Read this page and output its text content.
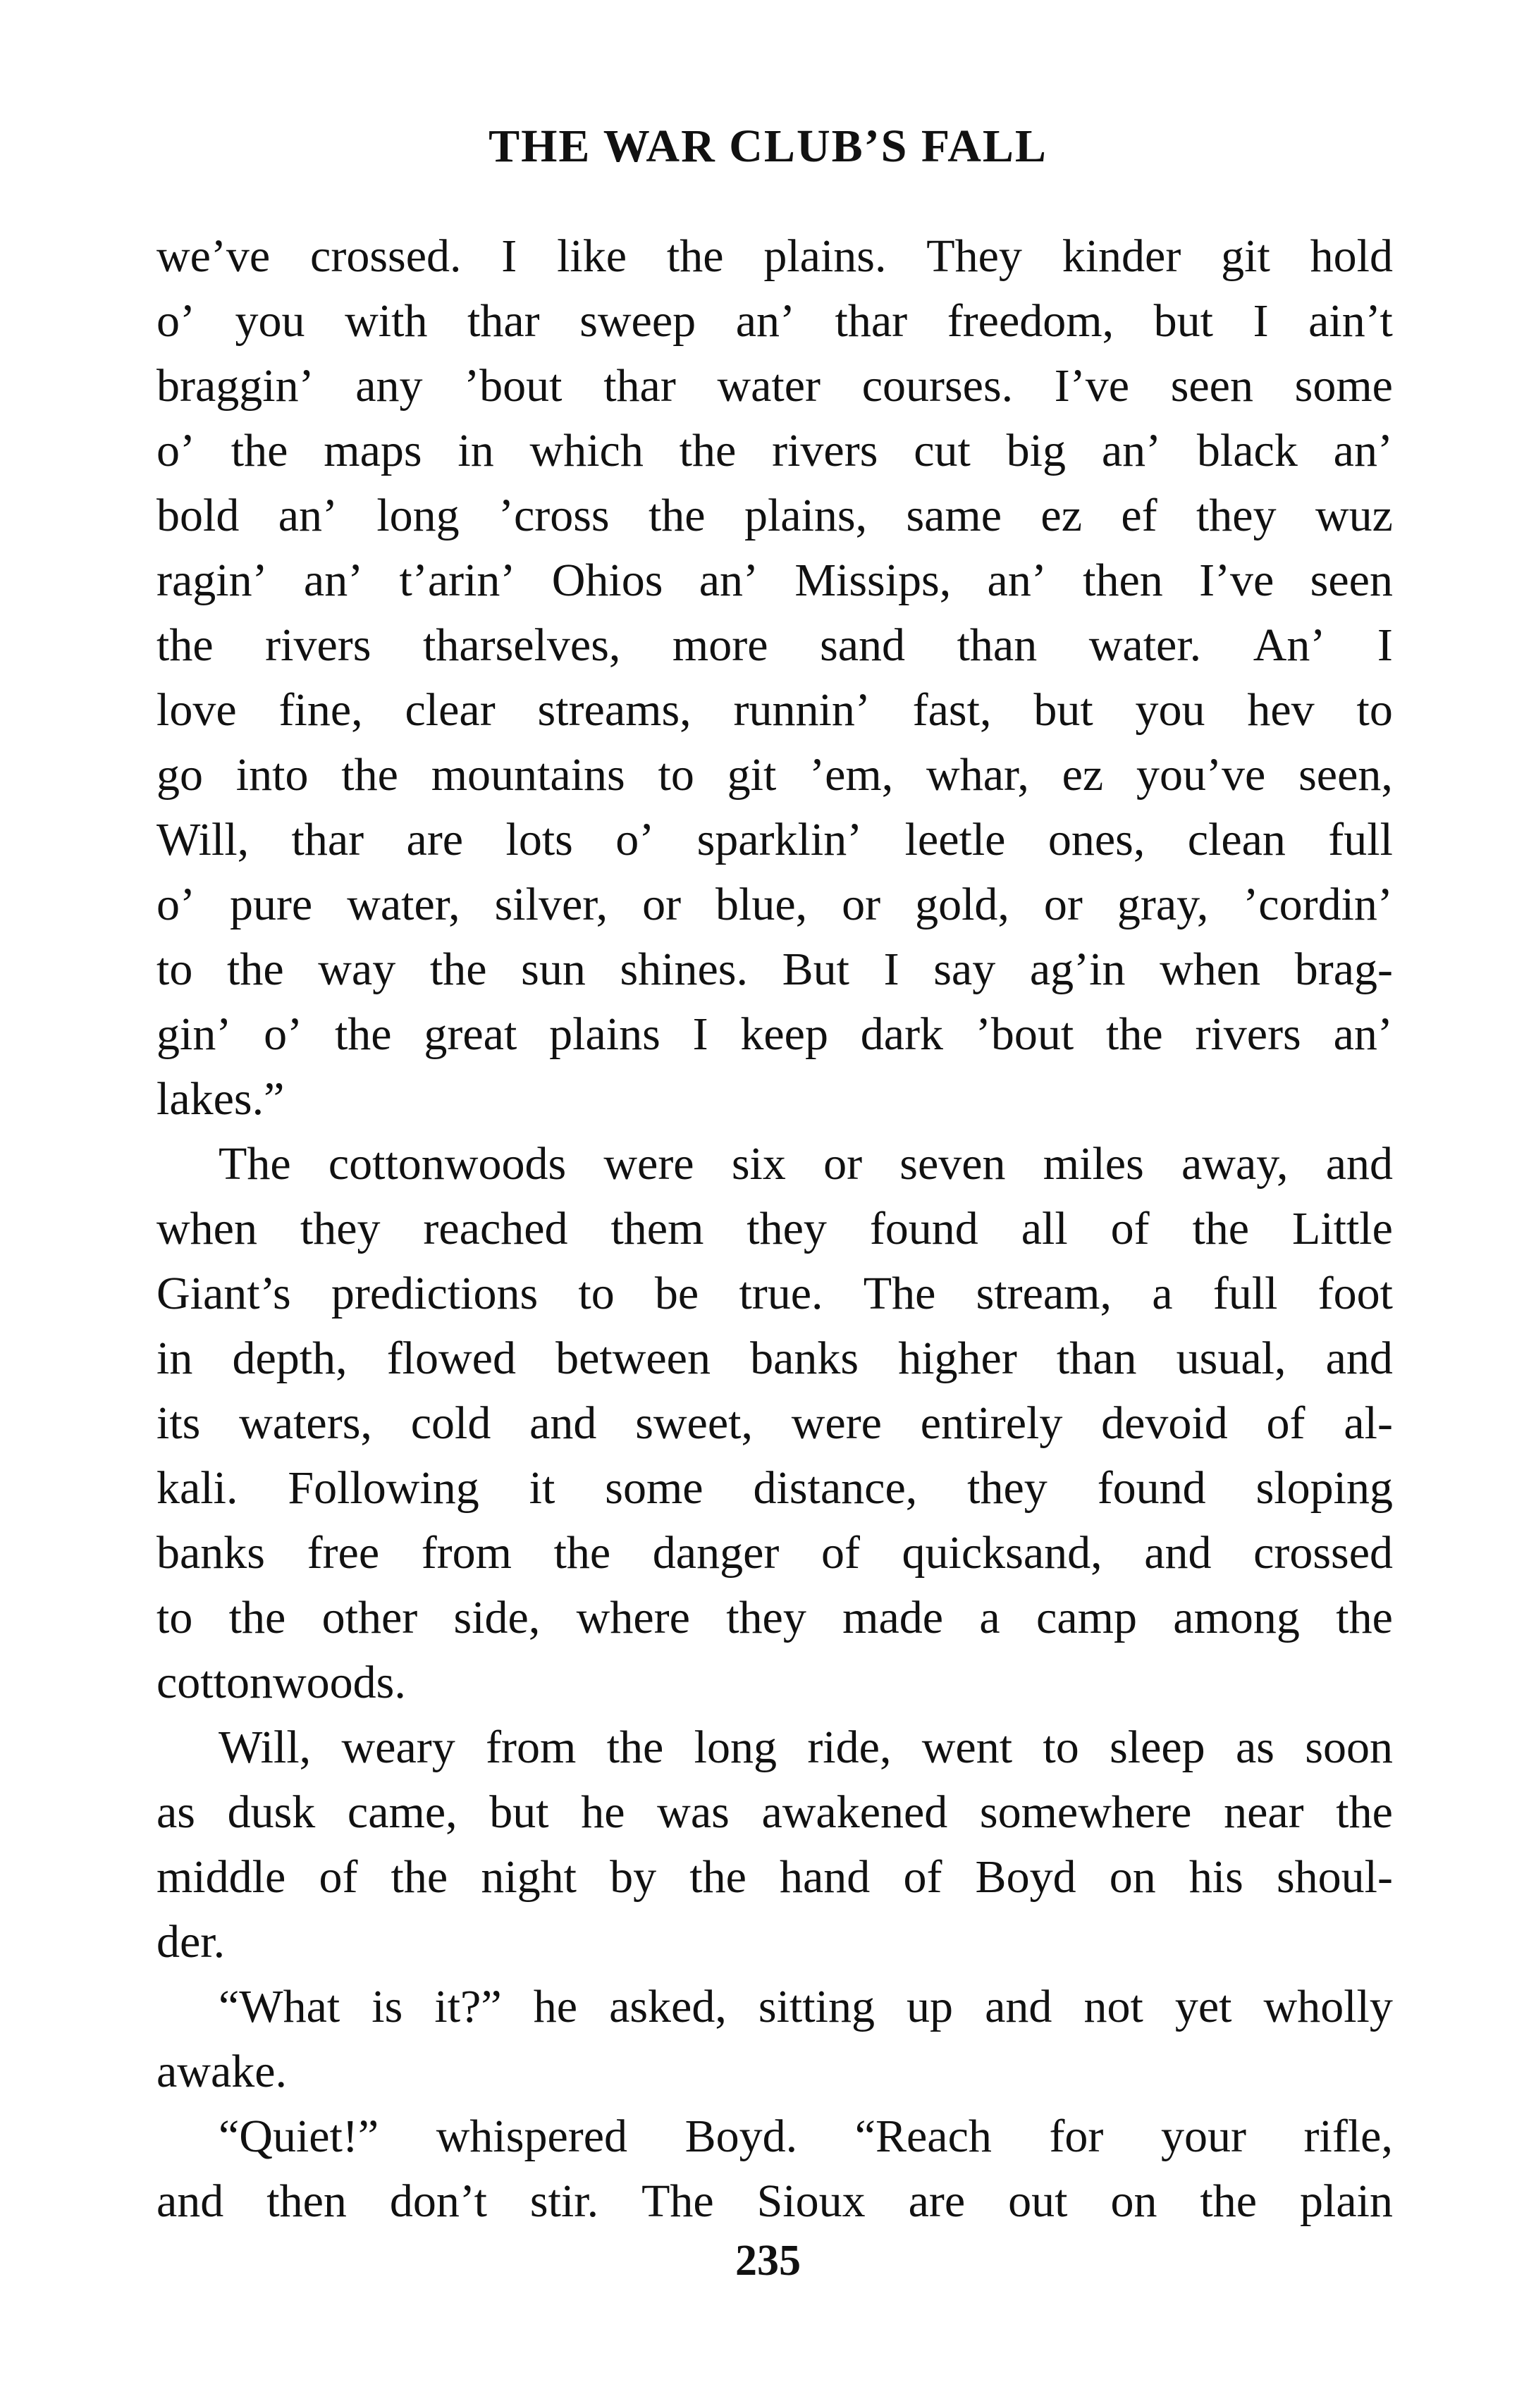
THE WAR CLUB’S FALL
we’ve crossed. I like the plains. They kinder git hold
o’ you with thar sweep an’ thar freedom, but I ain’t
braggin’ any ’bout thar water courses. I’ve seen some
o’ the maps in which the rivers cut big an’ black an’
bold an’ long ’cross the plains, same ez ef they wuz
ragin’ an’ t’arin’ Ohios an’ Missips, an’ then I’ve seen
the rivers tharselves, more sand than water. An’ I
love fine, clear streams, runnin’ fast, but you hev to
go into the mountains to git ’em, whar, ez you’ve seen,
Will, thar are lots o’ sparklin’ leetle ones, clean full
o’ pure water, silver, or blue, or gold, or gray, ’cordin’
to the way the sun shines. But I say ag’in when brag-
gin’ o’ the great plains I keep dark ’bout the rivers an’
lakes.”
The cottonwoods were six or seven miles away, and
when they reached them they found all of the Little
Giant’s predictions to be true. The stream, a full foot
in depth, flowed between banks higher than usual, and
its waters, cold and sweet, were entirely devoid of al-
kali. Following it some distance, they found sloping
banks free from the danger of quicksand, and crossed
to the other side, where they made a camp among the
cottonwoods.
Will, weary from the long ride, went to sleep as soon
as dusk came, but he was awakened somewhere near the
middle of the night by the hand of Boyd on his shoul-
der.
“What is it?” he asked, sitting up and not yet wholly
awake.
“Quiet!” whispered Boyd. “Reach for your rifle,
and then don’t stir. The Sioux are out on the plain
235
